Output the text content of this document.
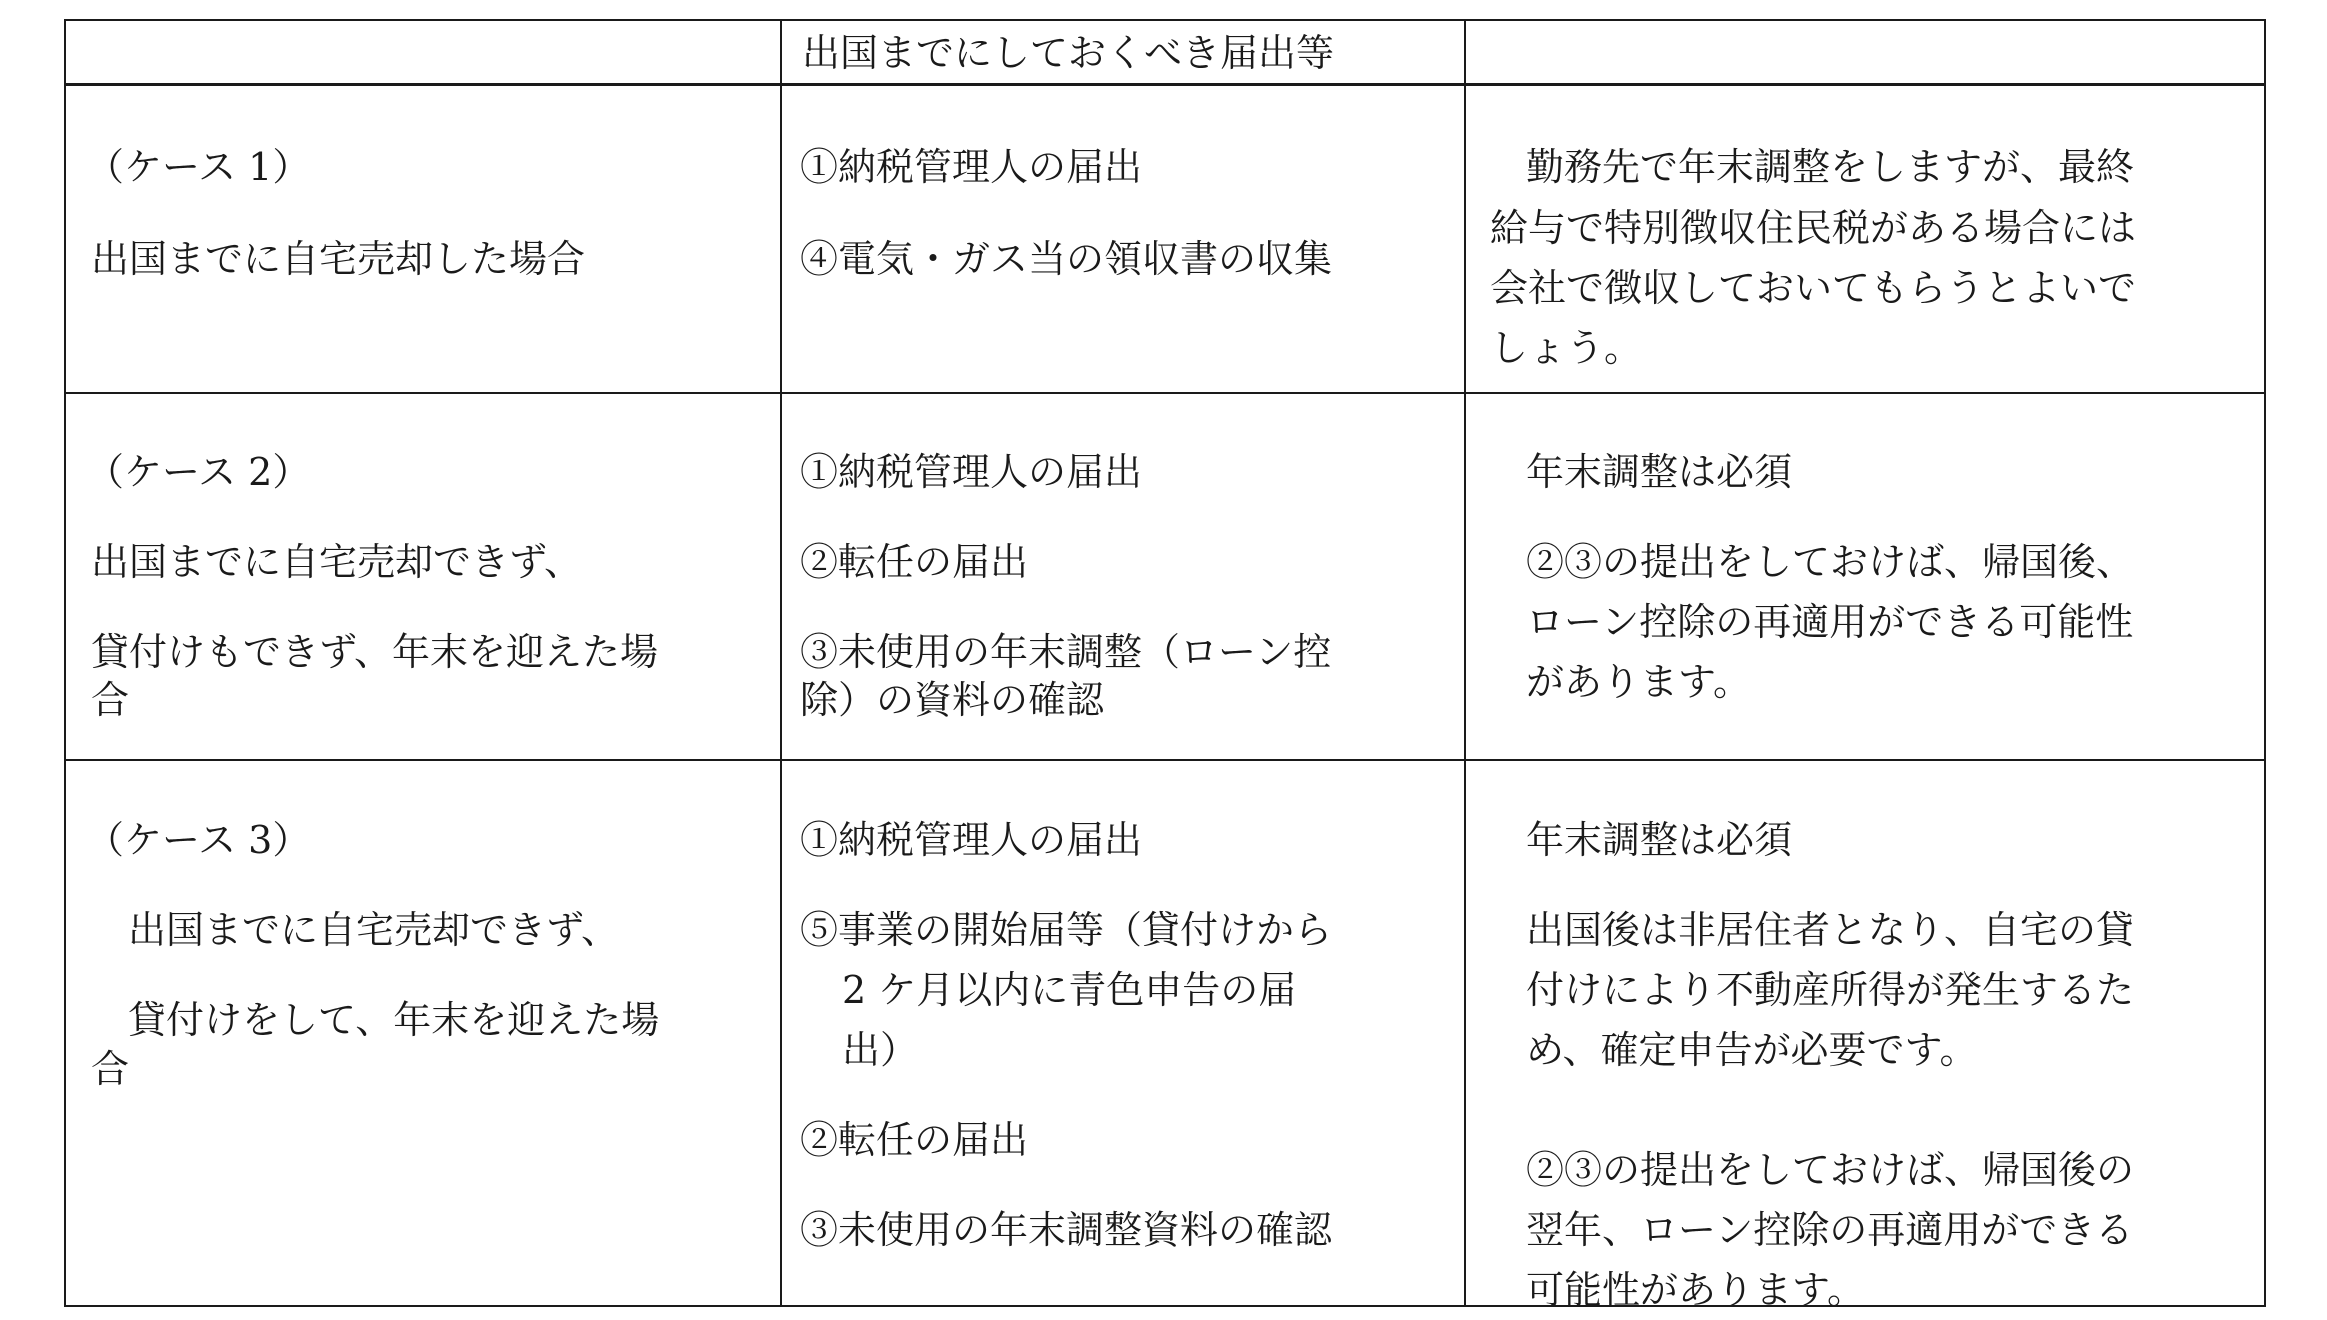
出国までにしておくべき届出等
（ケース 1）
出国までに自宅売却した場合
①納税管理人の届出
④電気・ガス当の領収書の収集
勤務先で年末調整をしますが、最終
給与で特別徴収住民税がある場合には
会社で徴収しておいてもらうとよいで
しょう。
（ケース 2）
出国までに自宅売却できず、
貸付けもできず、年末を迎えた場
合
①納税管理人の届出
②転任の届出
③未使用の年末調整（ローン控
除）の資料の確認
年末調整は必須
②③の提出をしておけば、帰国後、
ローン控除の再適用ができる可能性
があります。
（ケース 3）
出国までに自宅売却できず、
貸付けをして、年末を迎えた場
合
①納税管理人の届出
⑤事業の開始届等（貸付けから
2 ケ月以内に青色申告の届
出）
②転任の届出
③未使用の年末調整資料の確認
年末調整は必須
出国後は非居住者となり、自宅の貸
付けにより不動産所得が発生するた
め、確定申告が必要です。
②③の提出をしておけば、帰国後の
翌年、ローン控除の再適用ができる
可能性があります。
